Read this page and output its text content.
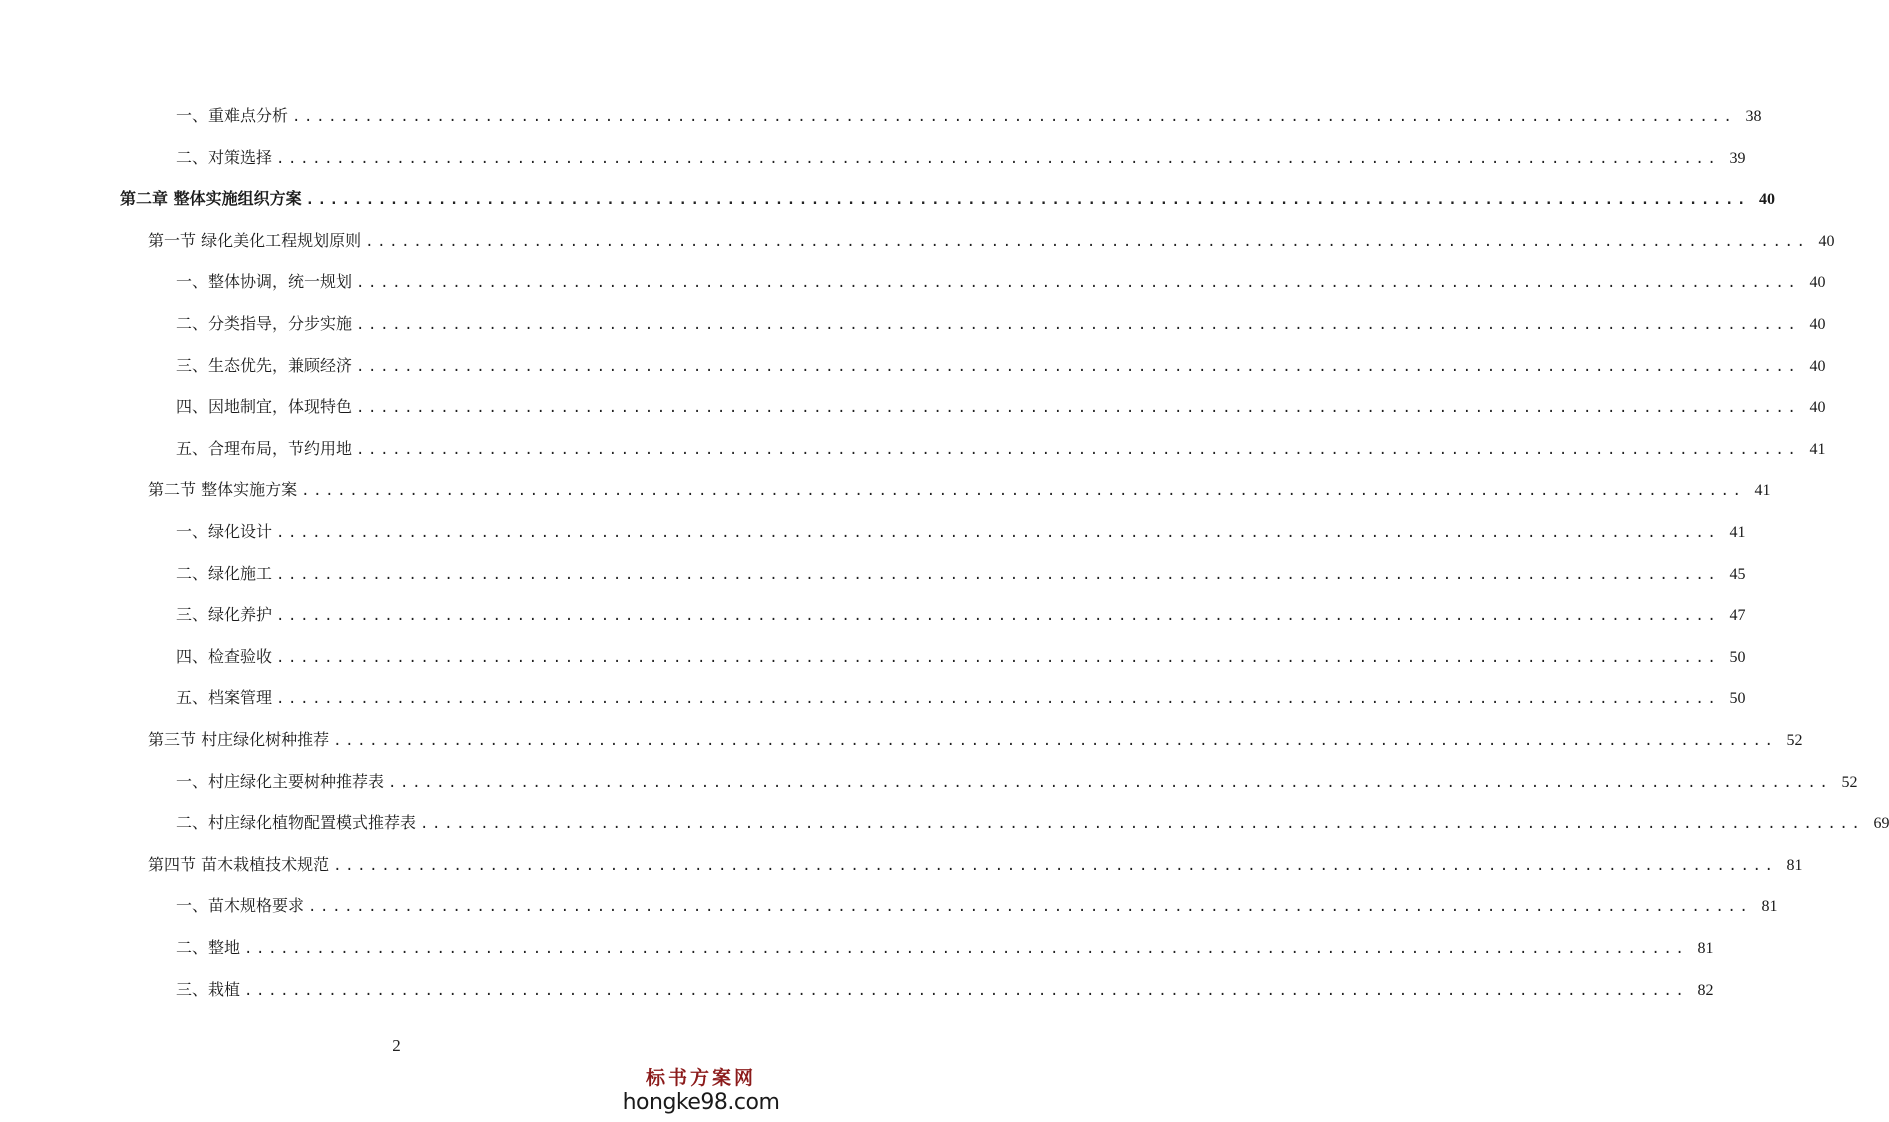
一、重难点分析 ........................................................................................................................ 38
二、对策选择 ........................................................................................................................ 39
第二章 整体实施组织方案 ........................................................................................................................ 40
第一节 绿化美化工程规划原则 ........................................................................................................................ 40
一、整体协调，统一规划 ........................................................................................................................ 40
二、分类指导，分步实施 ........................................................................................................................ 40
三、生态优先，兼顾经济 ........................................................................................................................ 40
四、因地制宜，体现特色 ........................................................................................................................ 40
五、合理布局，节约用地 ........................................................................................................................ 41
第二节 整体实施方案 ........................................................................................................................ 41
一、绿化设计 ........................................................................................................................ 41
二、绿化施工 ........................................................................................................................ 45
三、绿化养护 ........................................................................................................................ 47
四、检查验收 ........................................................................................................................ 50
五、档案管理 ........................................................................................................................ 50
第三节 村庄绿化树种推荐 ........................................................................................................................ 52
一、村庄绿化主要树种推荐表 ........................................................................................................................ 52
二、村庄绿化植物配置模式推荐表 ........................................................................................................................ 69
第四节 苗木栽植技术规范 ........................................................................................................................ 81
一、苗木规格要求 ........................................................................................................................ 81
二、整地 ........................................................................................................................ 81
三、栽植 ........................................................................................................................ 82
2
标书方案网
hongke98.com
